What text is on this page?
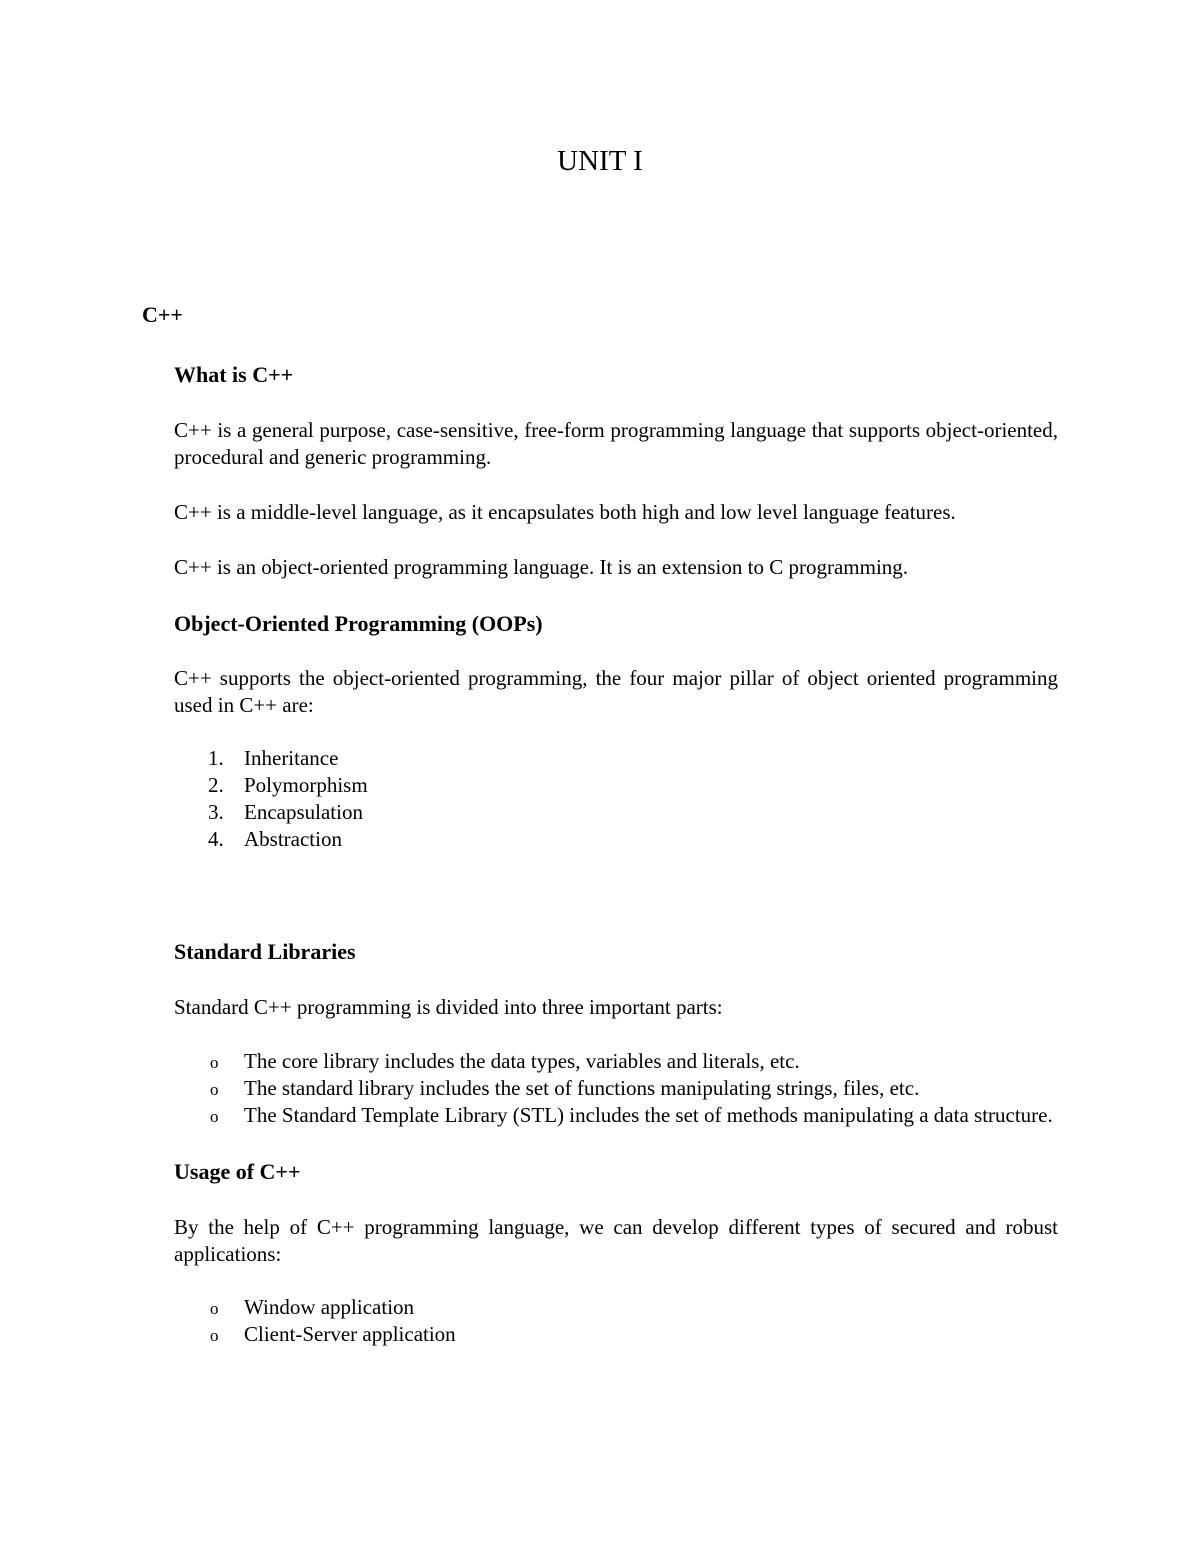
UNIT I
C++
What is C++

C++ is a general purpose, case-sensitive, free-form programming language that supports object-oriented, procedural and generic programming.

C++ is a middle-level language, as it encapsulates both high and low level language features.

C++ is an object-oriented programming language. It is an extension to C programming.

Object-Oriented Programming (OOPs)

C++ supports the object-oriented programming, the four major pillar of object oriented programming used in C++ are:

1. Inheritance
2. Polymorphism
3. Encapsulation
4. Abstraction
Standard Libraries

Standard C++ programming is divided into three important parts:

o The core library includes the data types, variables and literals, etc.
o The standard library includes the set of functions manipulating strings, files, etc.
o The Standard Template Library (STL) includes the set of methods manipulating a data structure.
Usage of C++

By the help of C++ programming language, we can develop different types of secured and robust applications:

o Window application
o Client-Server application
